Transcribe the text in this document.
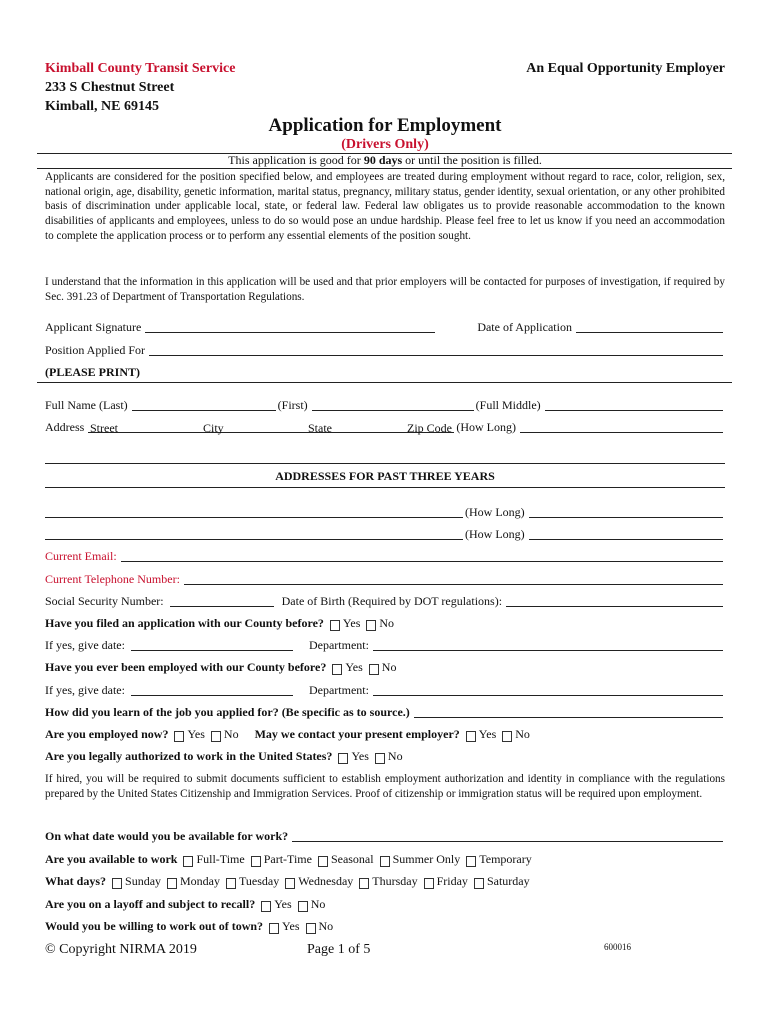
Kimball County Transit Service
233 S Chestnut Street
Kimball, NE 69145
An Equal Opportunity Employer
Application for Employment
(Drivers Only)
This application is good for 90 days or until the position is filled.
Applicants are considered for the position specified below, and employees are treated during employment without regard to race, color, religion, sex, national origin, age, disability, genetic information, marital status, pregnancy, military status, gender identity, sexual orientation, or any other prohibited basis of discrimination under applicable local, state, or federal law. Federal law obligates us to provide reasonable accommodation to the known disabilities of applicants and employees, unless to do so would pose an undue hardship. Please feel free to let us know if you need an accommodation to complete the application process or to perform any essential elements of the position sought.
I understand that the information in this application will be used and that prior employers will be contacted for purposes of investigation, if required by Sec. 391.23 of Department of Transportation Regulations.
Applicant Signature	Date of Application
Position Applied For
(PLEASE PRINT)
Full Name (Last)	(First)	(Full Middle)
Address	(How Long)
Street	City	State	Zip Code
ADDRESSES FOR PAST THREE YEARS
(How Long)
(How Long)
Current Email:
Current Telephone Number:
Social Security Number:	Date of Birth (Required by DOT regulations):
Have you filed an application with our County before? Yes No
If yes, give date:	Department:
Have you ever been employed with our County before? Yes No
If yes, give date:	Department:
How did you learn of the job you applied for? (Be specific as to source.)
Are you employed now? Yes No May we contact your present employer? Yes No
Are you legally authorized to work in the United States? Yes No
If hired, you will be required to submit documents sufficient to establish employment authorization and identity in compliance with the regulations prepared by the United States Citizenship and Immigration Services. Proof of citizenship or immigration status will be required upon employment.
On what date would you be available for work?
Are you available to work Full-Time Part-Time Seasonal Summer Only Temporary
What days? Sunday Monday Tuesday Wednesday Thursday Friday Saturday
Are you on a layoff and subject to recall? Yes No
Would you be willing to work out of town? Yes No
© Copyright NIRMA 2019	Page 1 of 5	600016
